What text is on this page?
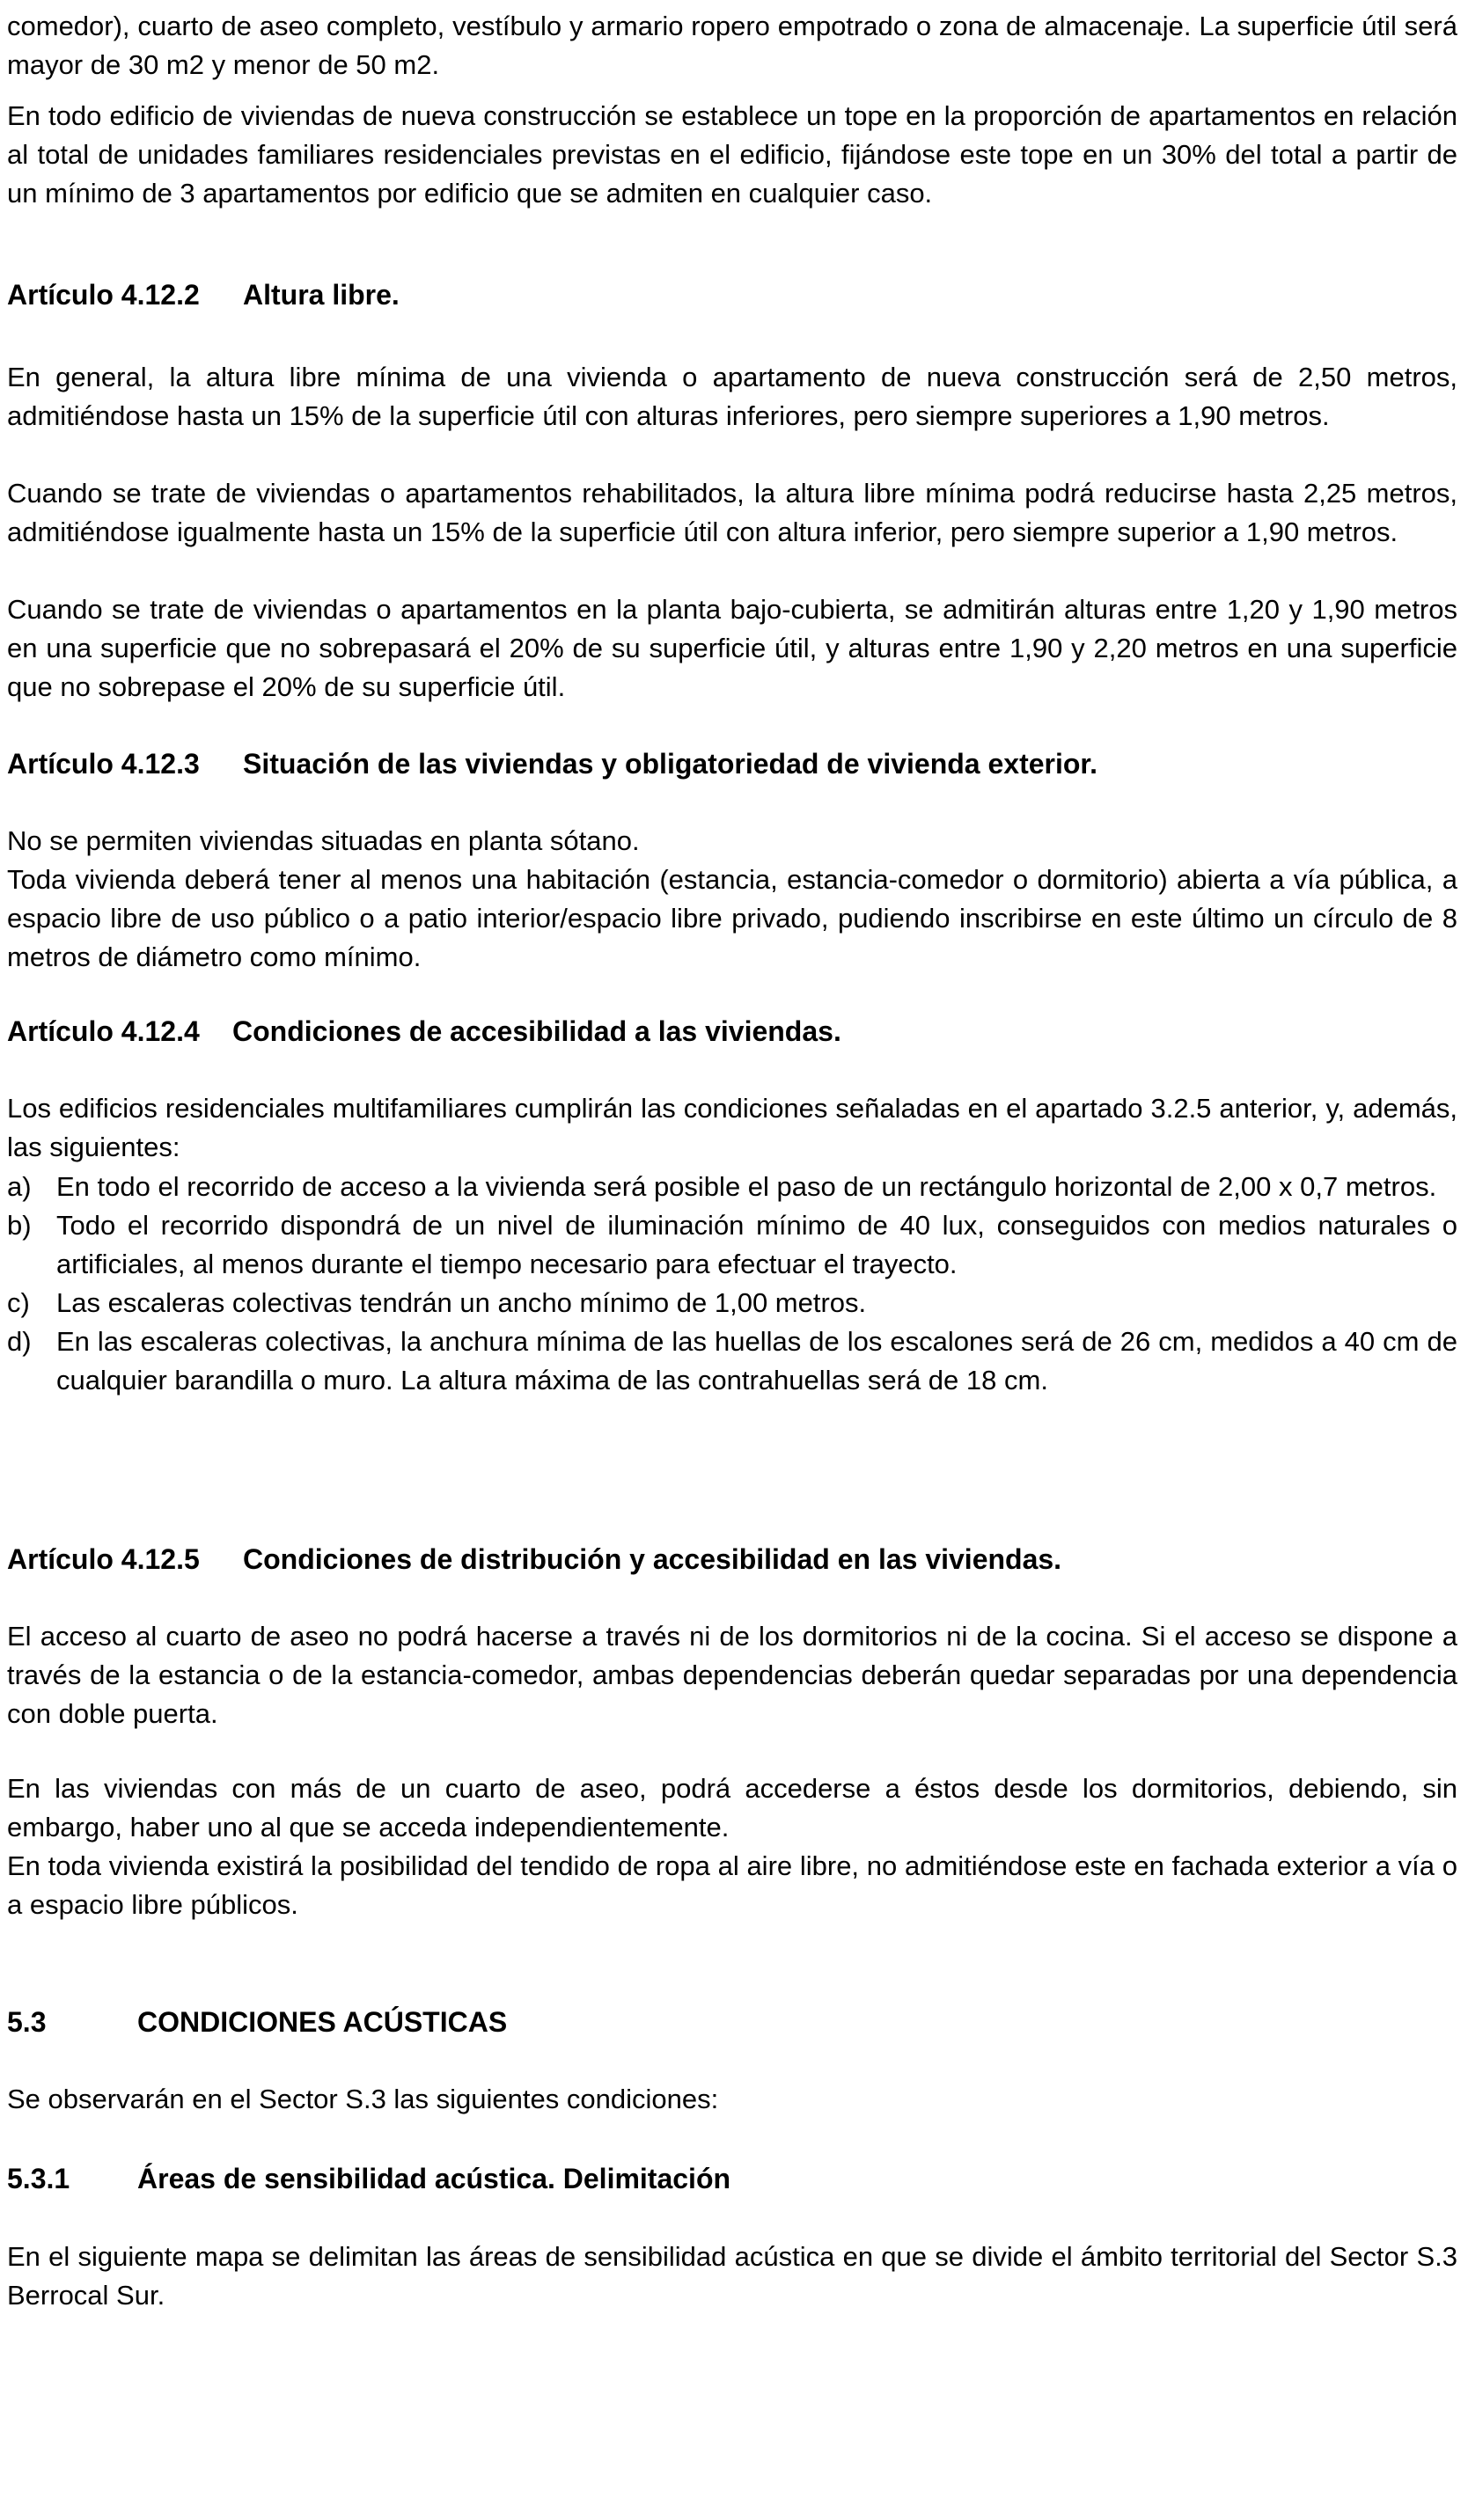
comedor), cuarto de aseo completo, vestíbulo y armario ropero empotrado o zona de almacenaje. La superficie útil será mayor de 30 m2 y menor de 50 m2.

En todo edificio de viviendas de nueva construcción se establece un tope en la proporción de apartamentos en relación al total de unidades familiares residenciales previstas en el edificio, fijándose este tope en un 30% del total a partir de un mínimo de 3 apartamentos por edificio que se admiten en cualquier caso.

Artículo 4.12.2 Altura libre.

En general, la altura libre mínima de una vivienda o apartamento de nueva construcción será de 2,50 metros, admitiéndose hasta un 15% de la superficie útil con alturas inferiores, pero siempre superiores a 1,90 metros.

Cuando se trate de viviendas o apartamentos rehabilitados, la altura libre mínima podrá reducirse hasta 2,25 metros, admitiéndose igualmente hasta un 15% de la superficie útil con altura inferior, pero siempre superior a 1,90 metros.

Cuando se trate de viviendas o apartamentos en la planta bajo-cubierta, se admitirán alturas entre 1,20 y 1,90 metros en una superficie que no sobrepasará el 20% de su superficie útil, y alturas entre 1,90 y 2,20 metros en una superficie que no sobrepase el 20% de su superficie útil.

Artículo 4.12.3 Situación de las viviendas y obligatoriedad de vivienda exterior.

No se permiten viviendas situadas en planta sótano.

Toda vivienda deberá tener al menos una habitación (estancia, estancia-comedor o dormitorio) abierta a vía pública, a espacio libre de uso público o a patio interior/espacio libre privado, pudiendo inscribirse en este último un círculo de 8 metros de diámetro como mínimo.

Artículo 4.12.4 Condiciones de accesibilidad a las viviendas.

Los edificios residenciales multifamiliares cumplirán las condiciones señaladas en el apartado 3.2.5 anterior, y, además, las siguientes:

a) En todo el recorrido de acceso a la vivienda será posible el paso de un rectángulo horizontal de 2,00 x 0,7 metros.
b) Todo el recorrido dispondrá de un nivel de iluminación mínimo de 40 lux, conseguidos con medios naturales o artificiales, al menos durante el tiempo necesario para efectuar el trayecto.
c) Las escaleras colectivas tendrán un ancho mínimo de 1,00 metros.
d) En las escaleras colectivas, la anchura mínima de las huellas de los escalones será de 26 cm, medidos a 40 cm de cualquier barandilla o muro. La altura máxima de las contrahuellas será de 18 cm.
Artículo 4.12.5 Condiciones de distribución y accesibilidad en las viviendas.

El acceso al cuarto de aseo no podrá hacerse a través ni de los dormitorios ni de la cocina. Si el acceso se dispone a través de la estancia o de la estancia-comedor, ambas dependencias deberán quedar separadas por una dependencia con doble puerta.

En las viviendas con más de un cuarto de aseo, podrá accederse a éstos desde los dormitorios, debiendo, sin embargo, haber uno al que se acceda independientemente.

En toda vivienda existirá la posibilidad del tendido de ropa al aire libre, no admitiéndose este en fachada exterior a vía o a espacio libre públicos.

5.3	CONDICIONES ACÚSTICAS

Se observarán en el Sector S.3 las siguientes condiciones:

5.3.1 Áreas de sensibilidad acústica. Delimitación

En el siguiente mapa se delimitan las áreas de sensibilidad acústica en que se divide el ámbito territorial del Sector S.3 Berrocal Sur.
